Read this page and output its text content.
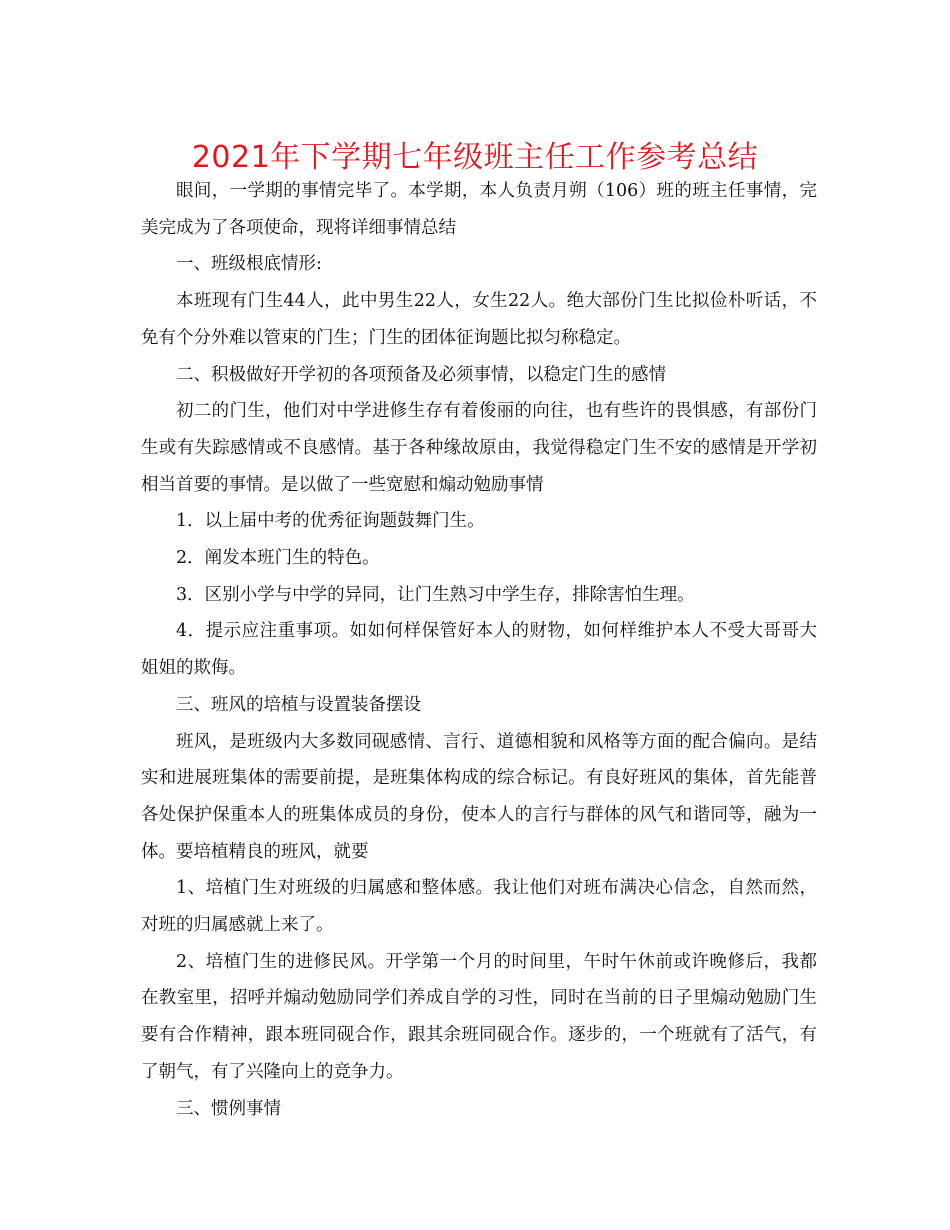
2021年下学期七年级班主任工作参考总结

眼间，一学期的事情完毕了。本学期，本人负责月朔（106）班的班主任事情，完美完成为了各项使命，现将详细事情总结

一、班级根底情形:

本班现有门生44人，此中男生22人，女生22人。绝大部份门生比拟俭朴听话，不免有个分外难以管束的门生；门生的团体征询题比拟匀称稳定。

二、积极做好开学初的各项预备及必须事情，以稳定门生的感情

初二的门生，他们对中学进修生存有着俊丽的向往，也有些许的畏惧感，有部份门生或有失踪感情或不良感情。基于各种缘故原由，我觉得稳定门生不安的感情是开学初相当首要的事情。是以做了一些宽慰和煽动勉励事情

1．以上届中考的优秀征询题鼓舞门生。

2．阐发本班门生的特色。

3．区别小学与中学的异同，让门生熟习中学生存，排除害怕生理。

4．提示应注重事项。如如何样保管好本人的财物，如何样维护本人不受大哥哥大姐姐的欺侮。

三、班风的培植与设置装备摆设

班风，是班级内大多数同砚感情、言行、道德相貌和风格等方面的配合偏向。是结实和进展班集体的需要前提，是班集体构成的综合标记。有良好班风的集体，首先能普各处保护保重本人的班集体成员的身份，使本人的言行与群体的风气和谐同等，融为一体。要培植精良的班风，就要

1、培植门生对班级的归属感和整体感。我让他们对班布满决心信念，自然而然，对班的归属感就上来了。

2、培植门生的进修民风。开学第一个月的时间里，午时午休前或许晚修后，我都在教室里，招呼并煽动勉励同学们养成自学的习性，同时在当前的日子里煽动勉励门生要有合作精神，跟本班同砚合作，跟其余班同砚合作。逐步的，一个班就有了活气，有了朝气，有了兴隆向上的竞争力。

三、惯例事情
